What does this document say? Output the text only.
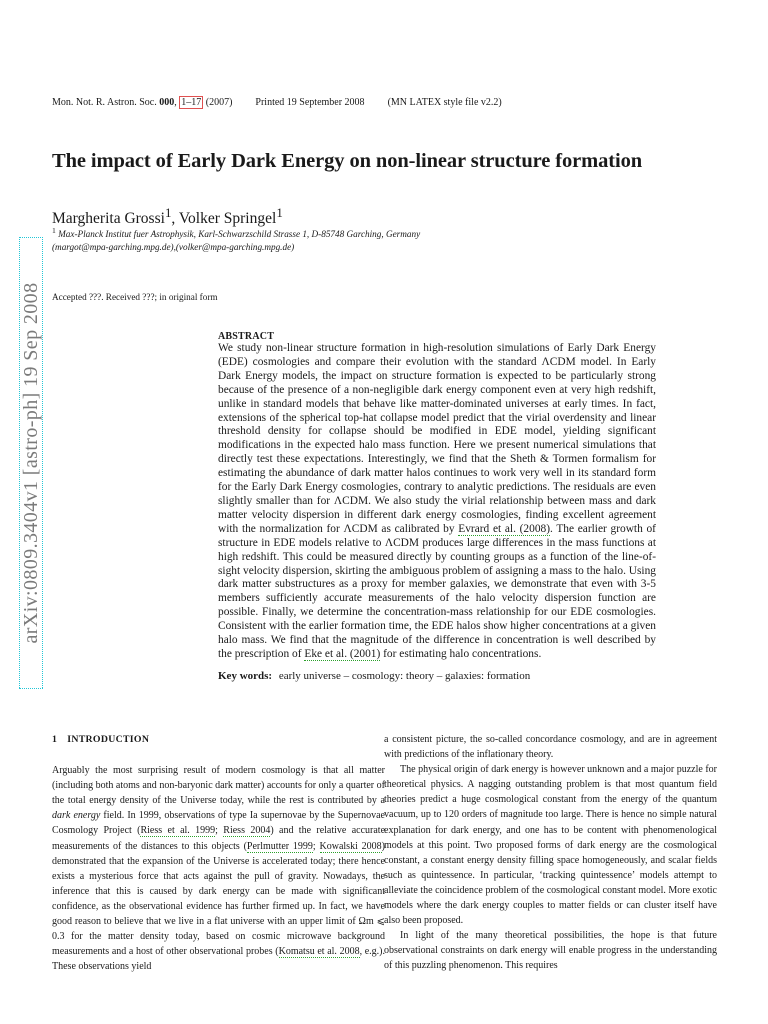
Mon. Not. R. Astron. Soc. 000, 1–17 (2007) Printed 19 September 2008 (MN LATEX style file v2.2)
The impact of Early Dark Energy on non-linear structure formation
Margherita Grossi$^1$, Volker Springel$^1$
$^1$ Max-Planck Institut fuer Astrophysik, Karl-Schwarzschild Strasse 1, D-85748 Garching, Germany
(margot@mpa-garching.mpg.de),(volker@mpa-garching.mpg.de)
arXiv:0809.3404v1 [astro-ph] 19 Sep 2008 Accepted ???. Received ???; in original form
ABSTRACT

We study non-linear structure formation in high-resolution simulations of Early Dark Energy (EDE) cosmologies and compare their evolution with the standard ΛCDM model. In Early Dark Energy models, the impact on structure formation is expected to be particularly strong because of the presence of a non-negligible dark energy component even at very high redshift, unlike in standard models that behave like matter-dominated universes at early times. In fact, extensions of the spherical top-hat collapse model predict that the virial overdensity and linear threshold density for collapse should be modified in EDE model, yielding significant modifications in the expected halo mass function. Here we present numerical simulations that directly test these expectations. Interestingly, we find that the Sheth & Tormen formalism for estimating the abundance of dark matter halos continues to work very well in its standard form for the Early Dark Energy cosmologies, contrary to analytic predictions. The residuals are even slightly smaller than for ΛCDM. We also study the virial relationship between mass and dark matter velocity dispersion in different dark energy cosmologies, finding excellent agreement with the normalization for ΛCDM as calibrated by Evrard et al. (2008). The earlier growth of structure in EDE models relative to ΛCDM produces large differences in the mass functions at high redshift. This could be measured directly by counting groups as a function of the line-of-sight velocity dispersion, skirting the ambiguous problem of assigning a mass to the halo. Using dark matter substructures as a proxy for member galaxies, we demonstrate that even with 3-5 members sufficiently accurate measurements of the halo velocity dispersion function are possible. Finally, we determine the concentration-mass relationship for our EDE cosmologies. Consistent with the earlier formation time, the EDE halos show higher concentrations at a given halo mass. We find that the magnitude of the difference in concentration is well described by the prescription of Eke et al. (2001) for estimating halo concentrations.

Key words: early universe – cosmology: theory – galaxies: formation
1 INTRODUCTION

Arguably the most surprising result of modern cosmology is that all matter (including both atoms and non-baryonic dark matter) accounts for only a quarter of the total energy density of the Universe today, while the rest is contributed by a dark energy field. In 1999, observations of type Ia supernovae by the Supernovae Cosmology Project (Riess et al. 1999; Riess 2004) and the relative accurate measurements of the distances to this objects (Perlmutter 1999; Kowalski 2008) demonstrated that the expansion of the Universe is accelerated today; there hence exists a mysterious force that acts against the pull of gravity. Nowadays, the inference that this is caused by dark energy can be made with significant confidence, as the observational evidence has further firmed up. In fact, we have good reason to believe that we live in a flat universe with an upper limit of Ωm ⩽ 0.3 for the matter density today, based on cosmic microwave background measurements and a host of other observational probes (Komatsu et al. 2008, e.g.). These observations yield

a consistent picture, the so-called concordance cosmology, and are in agreement with predictions of the inflationary theory.

The physical origin of dark energy is however unknown and a major puzzle for theoretical physics. A nagging outstanding problem is that most quantum field theories predict a huge cosmological constant from the energy of the quantum vacuum, up to 120 orders of magnitude too large. There is hence no simple natural explanation for dark energy, and one has to be content with phenomenological models at this point. Two proposed forms of dark energy are the cosmological constant, a constant energy density filling space homogeneously, and scalar fields such as quintessence. In particular, ‘tracking quintessence’ models attempt to alleviate the coincidence problem of the cosmological constant model. More exotic models where the dark energy couples to matter fields or can cluster itself have also been proposed.

In light of the many theoretical possibilities, the hope is that future observational constraints on dark energy will enable progress in the understanding of this puzzling phenomenon. This requires
